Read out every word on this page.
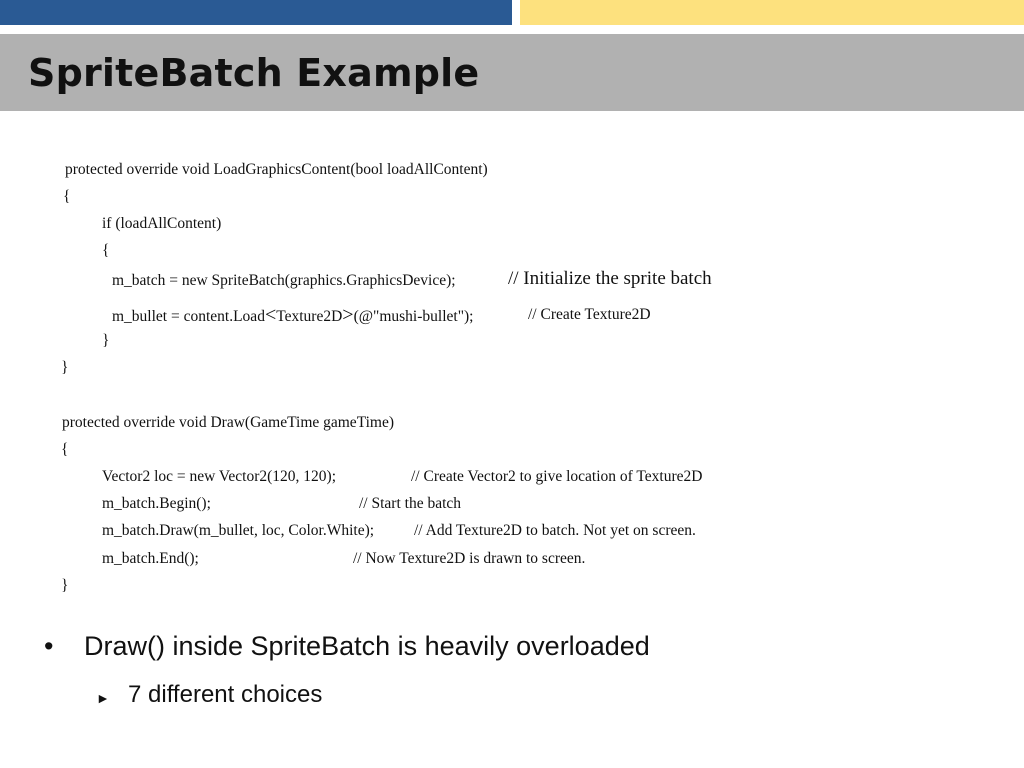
SpriteBatch Example
protected override void LoadGraphicsContent(bool loadAllContent)
{
if (loadAllContent)
{
m_batch = new SpriteBatch(graphics.GraphicsDevice);	// Initialize the sprite batch
m_bullet = content.Load<Texture2D>(@"mushi-bullet");	// Create Texture2D
}
}
protected override void Draw(GameTime gameTime)
{
Vector2 loc = new Vector2(120, 120);	// Create Vector2 to give location of Texture2D
m_batch.Begin();	// Start the batch
m_batch.Draw(m_bullet, loc, Color.White);	// Add Texture2D to batch. Not yet on screen.
m_batch.End();	// Now Texture2D is drawn to screen.
}
• Draw() inside SpriteBatch is heavily overloaded
► 7 different choices
